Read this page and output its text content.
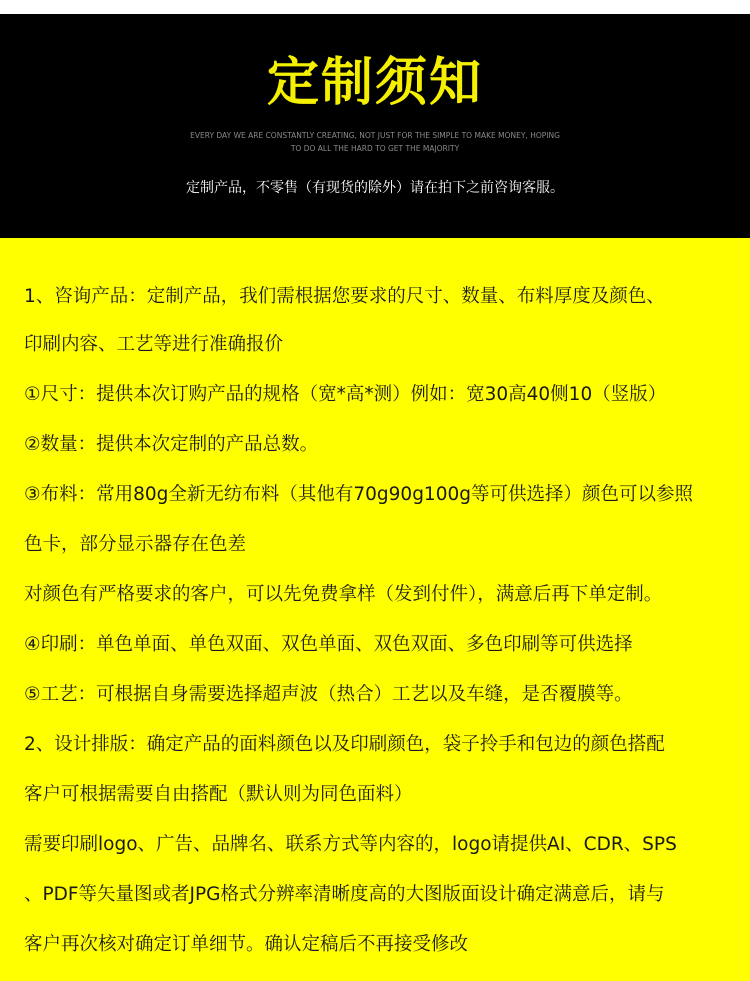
定制须知
EVERY DAY WE ARE CONSTANTLY CREATING, NOT JUST FOR THE SIMPLE TO MAKE MONEY, HOPING
TO DO ALL THE HARD TO GET THE MAJORITY
定制产品，不零售（有现货的除外）请在拍下之前咨询客服。

1、咨询产品：定制产品，我们需根据您要求的尺寸、数量、布料厚度及颜色、

印刷内容、工艺等进行准确报价

①尺寸：提供本次订购产品的规格（宽*高*测）例如：宽30高40侧10（竖版）

②数量：提供本次定制的产品总数。

③布料：常用80g全新无纺布料（其他有70g90g100g等可供选择）颜色可以参照

色卡，部分显示器存在色差

对颜色有严格要求的客户，可以先免费拿样（发到付件），满意后再下单定制。

④印刷：单色单面、单色双面、双色单面、双色双面、多色印刷等可供选择

⑤工艺：可根据自身需要选择超声波（热合）工艺以及车缝，是否覆膜等。

2、设计排版：确定产品的面料颜色以及印刷颜色，袋子拎手和包边的颜色搭配

客户可根据需要自由搭配（默认则为同色面料）

需要印刷logo、广告、品牌名、联系方式等内容的，logo请提供AI、CDR、SPS

、PDF等矢量图或者JPG格式分辨率清晰度高的大图版面设计确定满意后，请与

客户再次核对确定订单细节。确认定稿后不再接受修改
